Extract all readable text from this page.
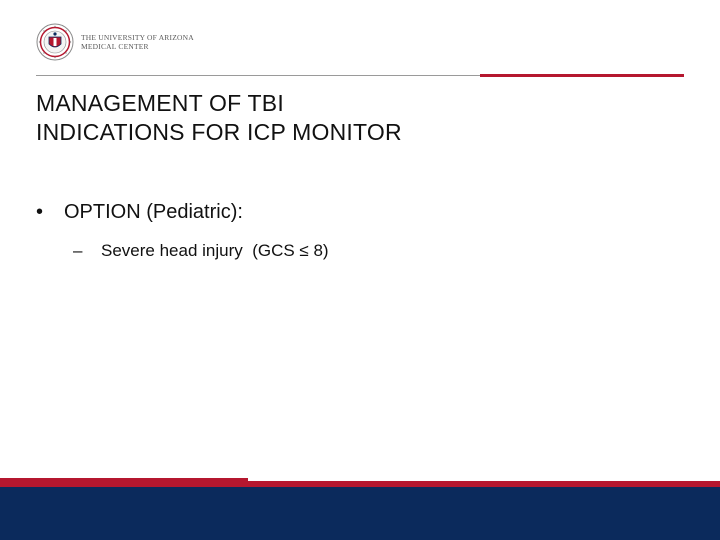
THE UNIVERSITY OF ARIZONA
MEDICAL CENTER
MANAGEMENT OF TBI
INDICATIONS FOR ICP MONITOR
• OPTION (Pediatric):
– Severe head injury  (GCS ≤ 8)
